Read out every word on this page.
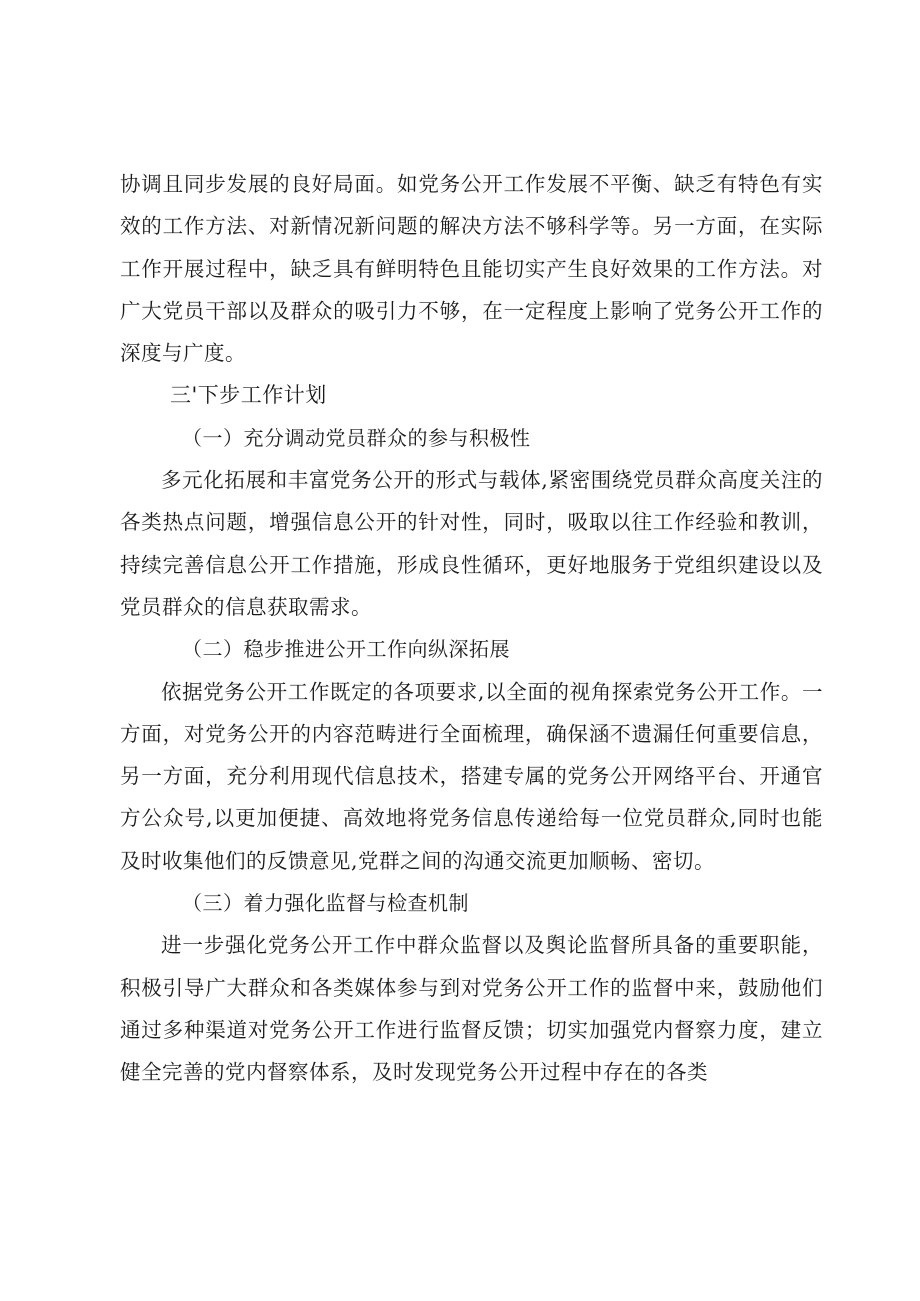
协调且同步发展的良好局面。如党务公开工作发展不平衡、缺乏有特色有实效的工作方法、对新情况新问题的解决方法不够科学等。另一方面，在实际工作开展过程中，缺乏具有鲜明特色且能切实产生良好效果的工作方法。对广大党员干部以及群众的吸引力不够，在一定程度上影响了党务公开工作的深度与广度。

三'下步工作计划

（一）充分调动党员群众的参与积极性

多元化拓展和丰富党务公开的形式与载体,紧密围绕党员群众高度关注的各类热点问题，增强信息公开的针对性，同时，吸取以往工作经验和教训，持续完善信息公开工作措施，形成良性循环，更好地服务于党组织建设以及党员群众的信息获取需求。

（二）稳步推进公开工作向纵深拓展

依据党务公开工作既定的各项要求,以全面的视角探索党务公开工作。一方面，对党务公开的内容范畴进行全面梳理，确保涵不遗漏任何重要信息，另一方面，充分利用现代信息技术，搭建专属的党务公开网络平台、开通官方公众号,以更加便捷、高效地将党务信息传递给每一位党员群众,同时也能及时收集他们的反馈意见,党群之间的沟通交流更加顺畅、密切。

（三）着力强化监督与检查机制

进一步强化党务公开工作中群众监督以及舆论监督所具备的重要职能，积极引导广大群众和各类媒体参与到对党务公开工作的监督中来，鼓励他们通过多种渠道对党务公开工作进行监督反馈；切实加强党内督察力度，建立健全完善的党内督察体系，及时发现党务公开过程中存在的各类
